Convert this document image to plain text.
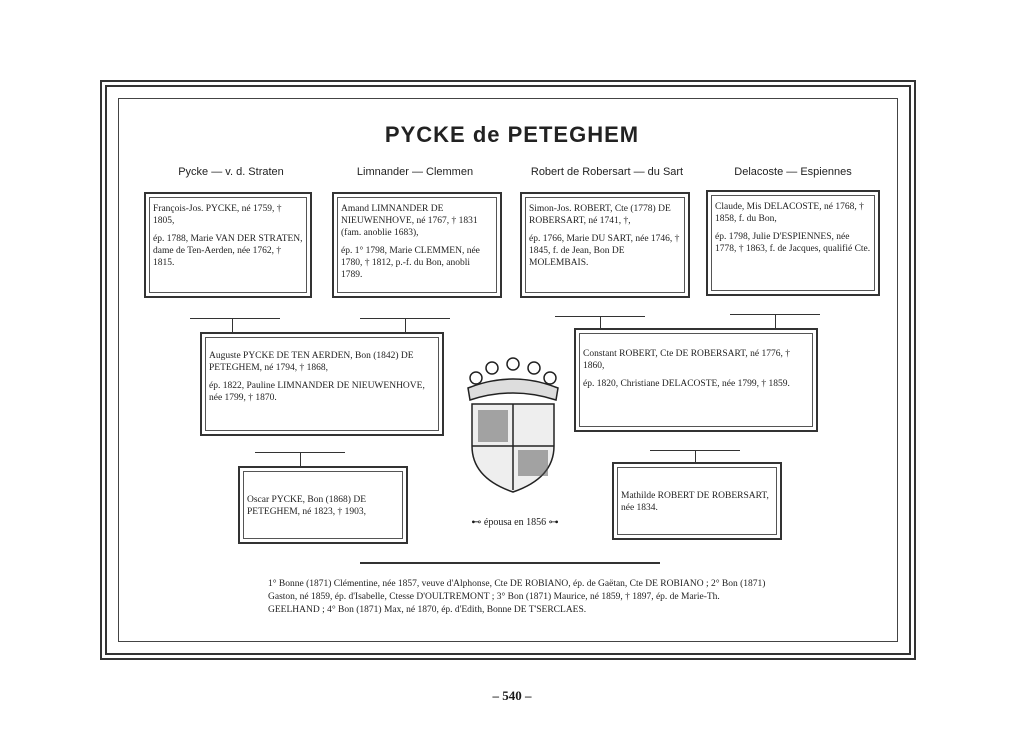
PYCKE de PETEGHEM
Pycke — v. d. Straten	Limnander — Clemmen	Robert de Robersart — du Sart	Delacoste — Espiennes

François-Jos. PYCKE, né 1759, † 1805,

ép. 1788, Marie VAN DER STRATEN, dame de Ten-Aerden, née 1762, † 1815.

Amand LIMNANDER DE NIEUWENHOVE, né 1767, † 1831 (fam. anoblie 1683),

ép. 1° 1798, Marie CLEMMEN, née 1780, † 1812, p.-f. du Bon, anobli 1789.

Simon-Jos. ROBERT, Cte (1778) DE ROBERSART, né 1741, †,

ép. 1766, Marie DU SART, née 1746, † 1845, f. de Jean, Bon DE MOLEMBAIS.

Claude, Mis DELACOSTE, né 1768, † 1858, f. du Bon,

ép. 1798, Julie D'ESPIENNES, née 1778, † 1863, f. de Jacques, qualifié Cte.

Auguste PYCKE DE TEN AERDEN, Bon (1842) DE PETEGHEM, né 1794, † 1868,

ép. 1822, Pauline LIMNANDER DE NIEUWENHOVE, née 1799, † 1870.

Constant ROBERT, Cte DE ROBERSART, né 1776, † 1860,

ép. 1820, Christiane DELACOSTE, née 1799, † 1859.

Oscar PYCKE, Bon (1868) DE PETEGHEM, né 1823, † 1903,

Mathilde ROBERT DE ROBERSART, née 1834.

⊷ épousa en 1856 ⊶
1° Bonne (1871) Clémentine, née 1857, veuve d'Alphonse, Cte DE ROBIANO, ép. de Gaëtan, Cte DE ROBIANO ; 2° Bon (1871) Gaston, né 1859, ép. d'Isabelle, Ctesse D'OULTREMONT ; 3° Bon (1871) Maurice, né 1859, † 1897, ép. de Marie-Th. GEELHAND ; 4° Bon (1871) Max, né 1870, ép. d'Edith, Bonne DE T'SERCLAES.
– 540 –
